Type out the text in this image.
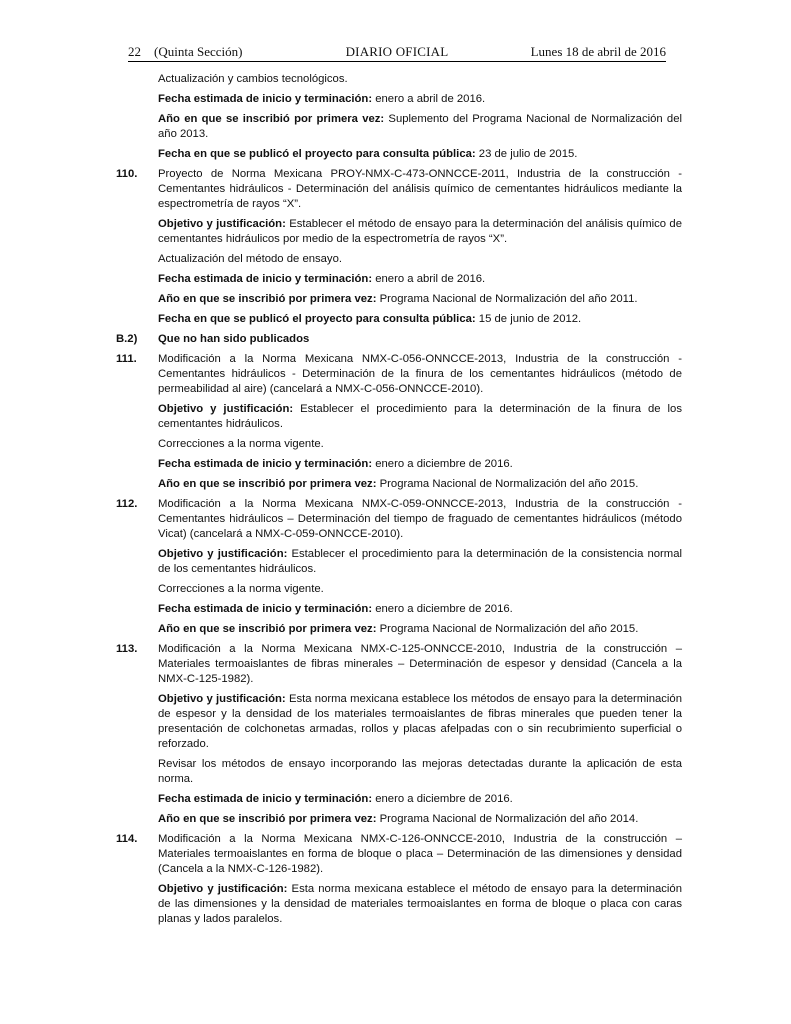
22 (Quinta Sección)	DIARIO OFICIAL	Lunes 18 de abril de 2016

Actualización y cambios tecnológicos.

Fecha estimada de inicio y terminación: enero a abril de 2016.

Año en que se inscribió por primera vez: Suplemento del Programa Nacional de Normalización del año 2013.

Fecha en que se publicó el proyecto para consulta pública: 23 de julio de 2015.

110.	Proyecto de Norma Mexicana PROY-NMX-C-473-ONNCCE-2011, Industria de la construcción - Cementantes hidráulicos - Determinación del análisis químico de cementantes hidráulicos mediante la espectrometría de rayos “X”.

Objetivo y justificación: Establecer el método de ensayo para la determinación del análisis químico de cementantes hidráulicos por medio de la espectrometría de rayos “X”.

Actualización del método de ensayo.

Fecha estimada de inicio y terminación: enero a abril de 2016.

Año en que se inscribió por primera vez: Programa Nacional de Normalización del año 2011.

Fecha en que se publicó el proyecto para consulta pública: 15 de junio de 2012.

B.2)	Que no han sido publicados
111.	Modificación a la Norma Mexicana NMX-C-056-ONNCCE-2013, Industria de la construcción - Cementantes hidráulicos - Determinación de la finura de los cementantes hidráulicos (método de permeabilidad al aire) (cancelará a NMX-C-056-ONNCCE-2010).

Objetivo y justificación: Establecer el procedimiento para la determinación de la finura de los cementantes hidráulicos.

Correcciones a la norma vigente.

Fecha estimada de inicio y terminación: enero a diciembre de 2016.

Año en que se inscribió por primera vez: Programa Nacional de Normalización del año 2015.

112.	Modificación a la Norma Mexicana NMX-C-059-ONNCCE-2013, Industria de la construcción - Cementantes hidráulicos – Determinación del tiempo de fraguado de cementantes hidráulicos (método Vicat) (cancelará a NMX-C-059-ONNCCE-2010).

Objetivo y justificación: Establecer el procedimiento para la determinación de la consistencia normal de los cementantes hidráulicos.

Correcciones a la norma vigente.

Fecha estimada de inicio y terminación: enero a diciembre de 2016.

Año en que se inscribió por primera vez: Programa Nacional de Normalización del año 2015.

113.	Modificación a la Norma Mexicana NMX-C-125-ONNCCE-2010, Industria de la construcción – Materiales termoaislantes de fibras minerales – Determinación de espesor y densidad (Cancela a la NMX-C-125-1982).

Objetivo y justificación: Esta norma mexicana establece los métodos de ensayo para la determinación de espesor y la densidad de los materiales termoaislantes de fibras minerales que pueden tener la presentación de colchonetas armadas, rollos y placas afelpadas con o sin recubrimiento superficial o reforzado.

Revisar los métodos de ensayo incorporando las mejoras detectadas durante la aplicación de esta norma.

Fecha estimada de inicio y terminación: enero a diciembre de 2016.

Año en que se inscribió por primera vez: Programa Nacional de Normalización del año 2014.

114.	Modificación a la Norma Mexicana NMX-C-126-ONNCCE-2010, Industria de la construcción – Materiales termoaislantes en forma de bloque o placa – Determinación de las dimensiones y densidad (Cancela a la NMX-C-126-1982).

Objetivo y justificación: Esta norma mexicana establece el método de ensayo para la determinación de las dimensiones y la densidad de materiales termoaislantes en forma de bloque o placa con caras planas y lados paralelos.
